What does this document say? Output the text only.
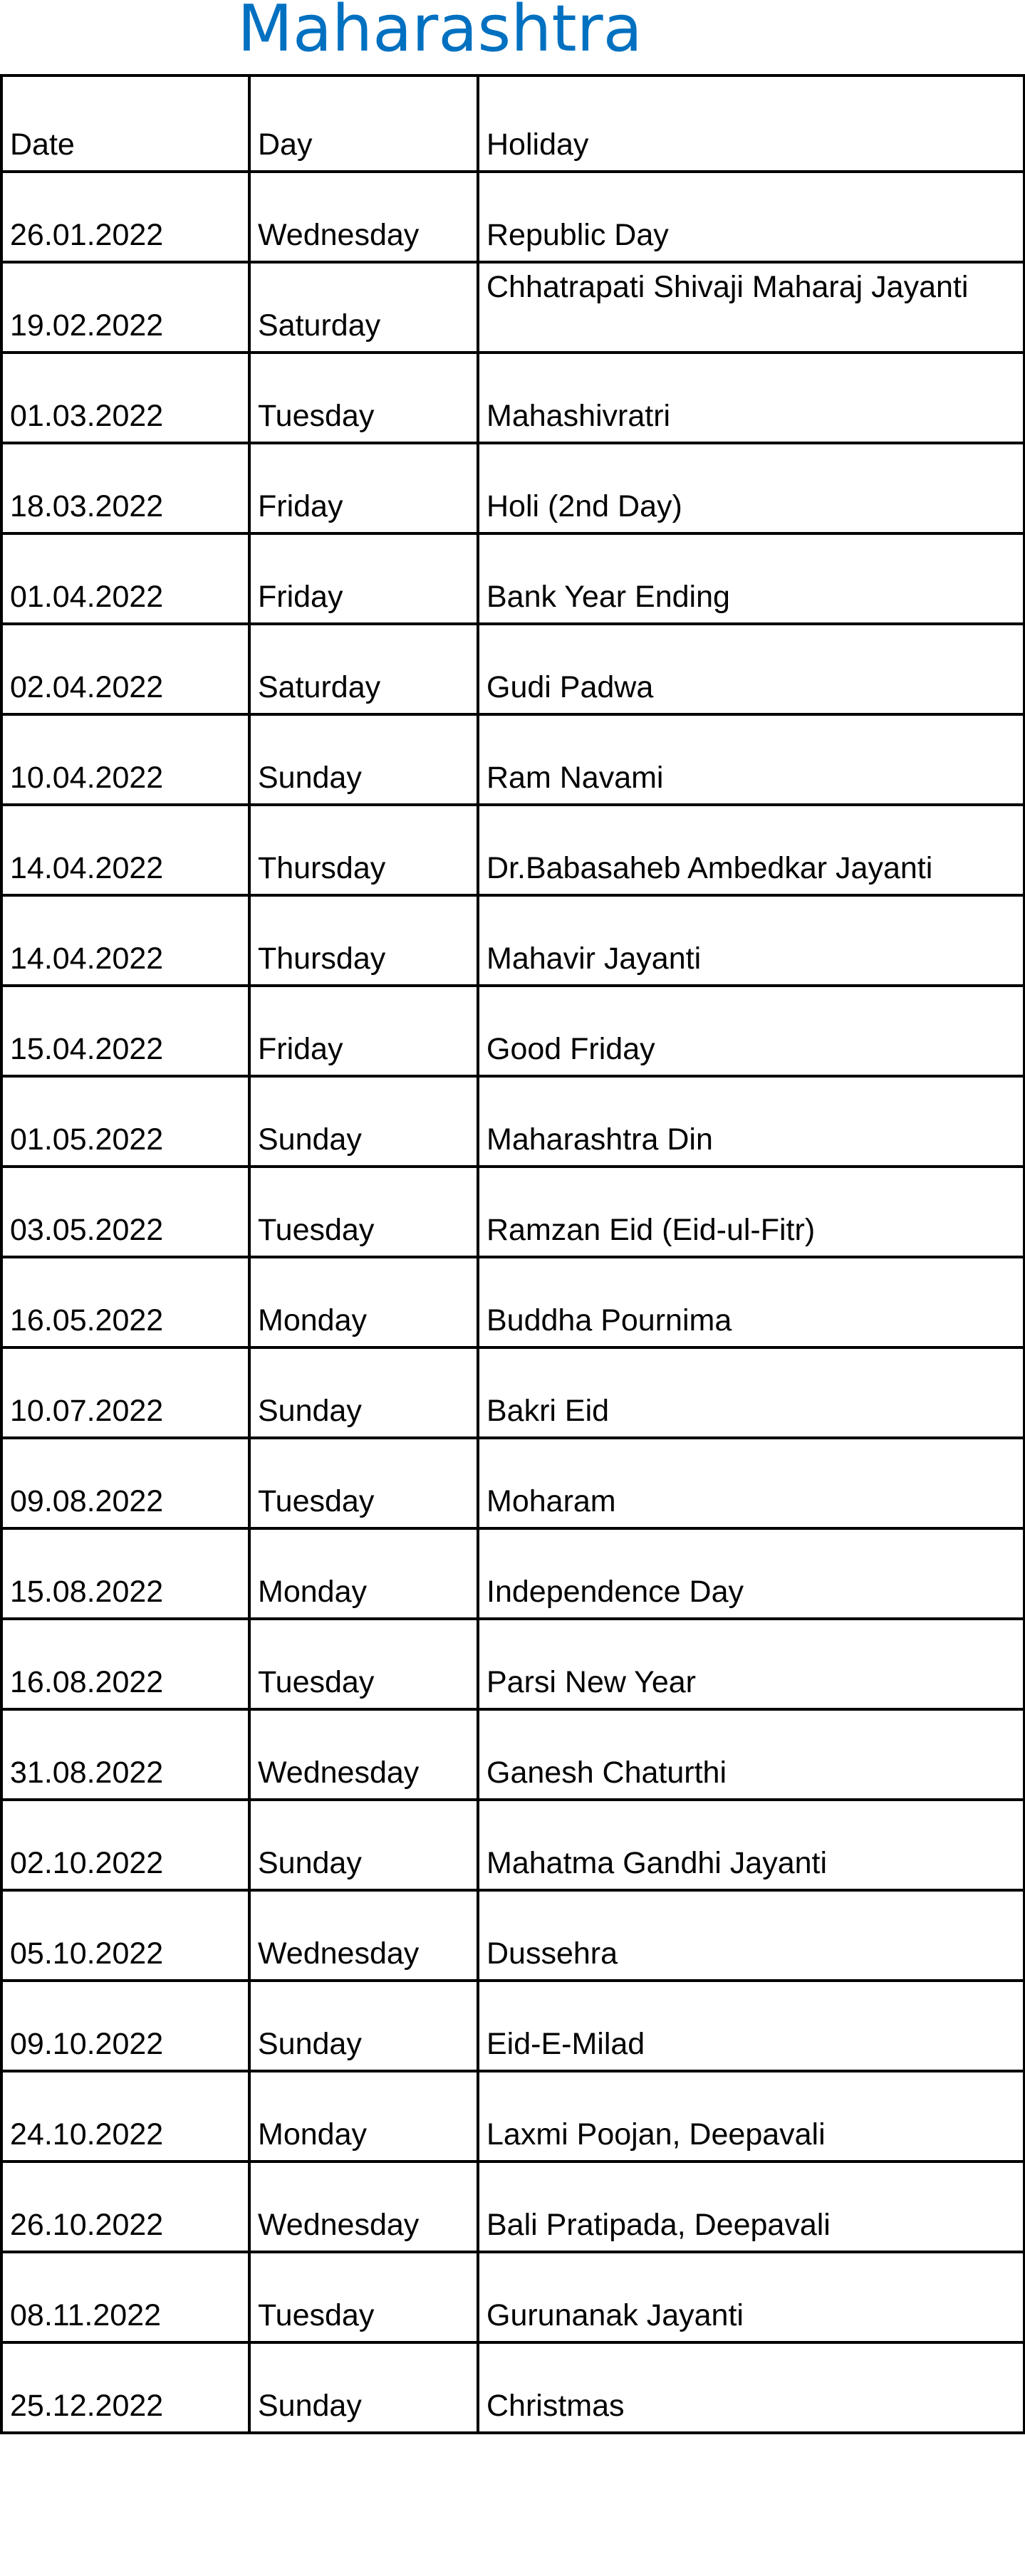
Maharashtra
Date	Day	Holiday
26.01.2022	Wednesday	Republic Day
19.02.2022	Saturday	Chhatrapati Shivaji Maharaj Jayanti
01.03.2022	Tuesday	Mahashivratri
18.03.2022	Friday	Holi (2nd Day)
01.04.2022	Friday	Bank Year Ending
02.04.2022	Saturday	Gudi Padwa
10.04.2022	Sunday	Ram Navami
14.04.2022	Thursday	Dr.Babasaheb Ambedkar Jayanti
14.04.2022	Thursday	Mahavir Jayanti
15.04.2022	Friday	Good Friday
01.05.2022	Sunday	Maharashtra Din
03.05.2022	Tuesday	Ramzan Eid (Eid-ul-Fitr)
16.05.2022	Monday	Buddha Pournima
10.07.2022	Sunday	Bakri Eid
09.08.2022	Tuesday	Moharam
15.08.2022	Monday	Independence Day
16.08.2022	Tuesday	Parsi New Year
31.08.2022	Wednesday	Ganesh Chaturthi
02.10.2022	Sunday	Mahatma Gandhi Jayanti
05.10.2022	Wednesday	Dussehra
09.10.2022	Sunday	Eid-E-Milad
24.10.2022	Monday	Laxmi Poojan, Deepavali
26.10.2022	Wednesday	Bali Pratipada, Deepavali
08.11.2022	Tuesday	Gurunanak Jayanti
25.12.2022	Sunday	Christmas
